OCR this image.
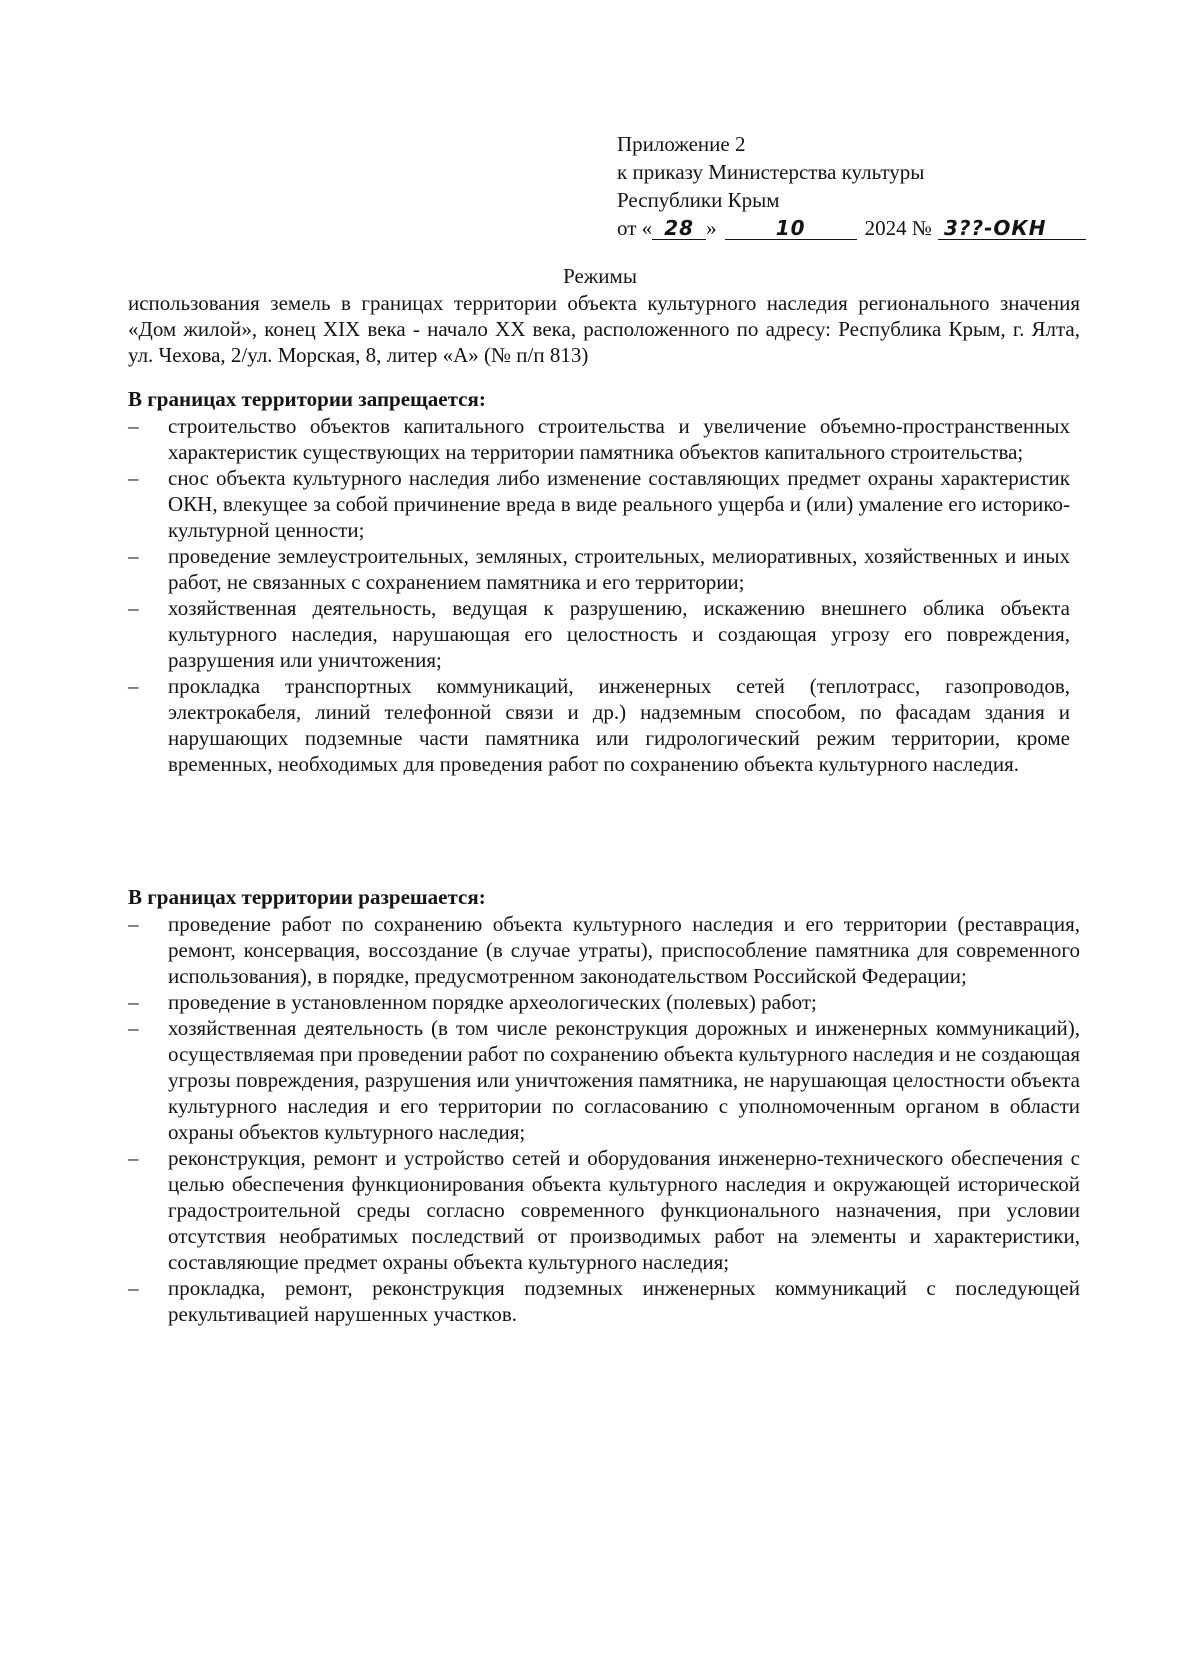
Приложение 2
к приказу Министерства культуры
Республики Крым
от « 28 »	10	2024 № 3??-ОКН
Режимы
использования земель в границах территории объекта культурного наследия регионального значения «Дом жилой», конец XIX века - начало XX века, расположенного по адресу: Республика Крым, г. Ялта, ул. Чехова, 2/ул. Морская, 8, литер «А» (№ п/п 813)

В границах территории запрещается:

–	строительство объектов капитального строительства и увеличение объемно-пространственных характеристик существующих на территории памятника объектов капитального строительства;
–	снос объекта культурного наследия либо изменение составляющих предмет охраны характеристик ОКН, влекущее за собой причинение вреда в виде реального ущерба и (или) умаление его историко-культурной ценности;
–	проведение землеустроительных, земляных, строительных, мелиоративных, хозяйственных и иных работ, не связанных с сохранением памятника и его территории;
–	хозяйственная деятельность, ведущая к разрушению, искажению внешнего облика объекта культурного наследия, нарушающая его целостность и создающая угрозу его повреждения, разрушения или уничтожения;
–	прокладка транспортных коммуникаций, инженерных сетей (теплотрасс, газопроводов, электрокабеля, линий телефонной связи и др.) надземным способом, по фасадам здания и нарушающих подземные части памятника или гидрологический режим территории, кроме временных, необходимых для проведения работ по сохранению объекта культурного наследия.

В границах территории разрешается:

–	проведение работ по сохранению объекта культурного наследия и его территории (реставрация, ремонт, консервация, воссоздание (в случае утраты), приспособление памятника для современного использования), в порядке, предусмотренном законодательством Российской Федерации;
–	проведение в установленном порядке археологических (полевых) работ;
–	хозяйственная деятельность (в том числе реконструкция дорожных и инженерных коммуникаций), осуществляемая при проведении работ по сохранению объекта культурного наследия и не создающая угрозы повреждения, разрушения или уничтожения памятника, не нарушающая целостности объекта культурного наследия и его территории по согласованию с уполномоченным органом в области охраны объектов культурного наследия;
–	реконструкция, ремонт и устройство сетей и оборудования инженерно-технического обеспечения с целью обеспечения функционирования объекта культурного наследия и окружающей исторической градостроительной среды согласно современного функционального назначения, при условии отсутствия необратимых последствий от производимых работ на элементы и характеристики, составляющие предмет охраны объекта культурного наследия;
–	прокладка, ремонт, реконструкция подземных инженерных коммуникаций с последующей рекультивацией нарушенных участков.
